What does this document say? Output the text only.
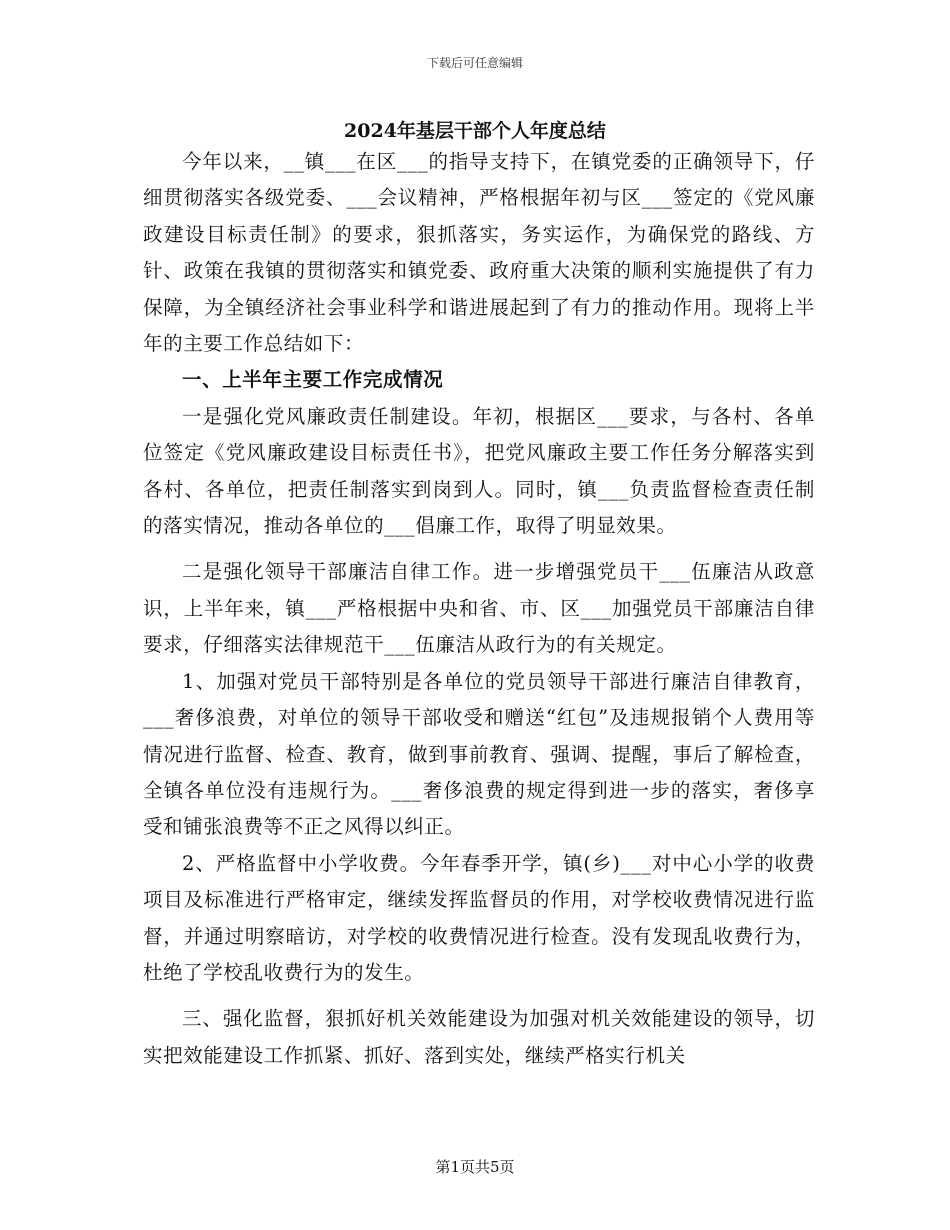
下载后可任意编辑
2024年基层干部个人年度总结

今年以来，__镇___在区___的指导支持下，在镇党委的正确领导下，仔细贯彻落实各级党委、___会议精神，严格根据年初与区___签定的《党风廉政建设目标责任制》的要求，狠抓落实，务实运作，为确保党的路线、方针、政策在我镇的贯彻落实和镇党委、政府重大决策的顺利实施提供了有力保障，为全镇经济社会事业科学和谐进展起到了有力的推动作用。现将上半年的主要工作总结如下：

一、上半年主要工作完成情况

一是强化党风廉政责任制建设。年初，根据区___要求，与各村、各单位签定《党风廉政建设目标责任书》，把党风廉政主要工作任务分解落实到各村、各单位，把责任制落实到岗到人。同时，镇___负责监督检查责任制的落实情况，推动各单位的___倡廉工作，取得了明显效果。

二是强化领导干部廉洁自律工作。进一步增强党员干___伍廉洁从政意识，上半年来，镇___严格根据中央和省、市、区___加强党员干部廉洁自律要求，仔细落实法律规范干___伍廉洁从政行为的有关规定。

1、加强对党员干部特别是各单位的党员领导干部进行廉洁自律教育，___奢侈浪费，对单位的领导干部收受和赠送“红包”及违规报销个人费用等情况进行监督、检查、教育，做到事前教育、强调、提醒，事后了解检查，全镇各单位没有违规行为。___奢侈浪费的规定得到进一步的落实，奢侈享受和铺张浪费等不正之风得以纠正。

2、严格监督中小学收费。今年春季开学，镇(乡)___对中心小学的收费项目及标准进行严格审定，继续发挥监督员的作用，对学校收费情况进行监督，并通过明察暗访，对学校的收费情况进行检查。没有发现乱收费行为，杜绝了学校乱收费行为的发生。

三、强化监督，狠抓好机关效能建设为加强对机关效能建设的领导，切实把效能建设工作抓紧、抓好、落到实处，继续严格实行机关

第1页共5页
